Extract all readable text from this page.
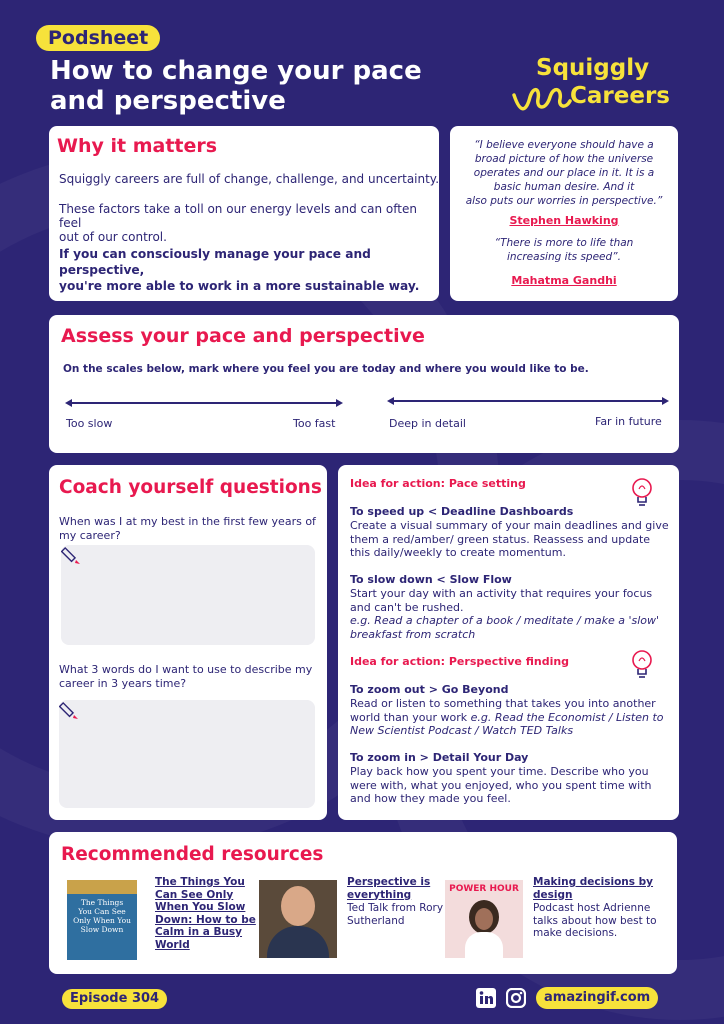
Podsheet
How to change your pace
and perspective
Squiggly
Careers
Why it matters
Squiggly careers are full of change, challenge, and uncertainty.
These factors take a toll on our energy levels and can often feel
out of our control.
If you can consciously manage your pace and perspective,
you're more able to work in a more sustainable way.
“I believe everyone should have a
broad picture of how the universe
operates and our place in it. It is a
basic human desire. And it
also puts our worries in perspective.”
Stephen Hawking
“There is more to life than
increasing its speed”.
Mahatma Gandhi
Assess your pace and perspective
On the scales below, mark where you feel you are today and where you would like to be.
Too slow	Too fast	Deep in detail	Far in future
Coach yourself questions
When was I at my best in the first few years of
my career?
What 3 words do I want to use to describe my
career in 3 years time?
Idea for action: Pace setting
To speed up < Deadline Dashboards
Create a visual summary of your main deadlines and give
them a red/amber/ green status. Reassess and update
this daily/weekly to create momentum.
To slow down < Slow Flow
Start your day with an activity that requires your focus
and can't be rushed.
e.g. Read a chapter of a book / meditate / make a 'slow'
breakfast from scratch
Idea for action: Perspective finding
To zoom out > Go Beyond
Read or listen to something that takes you into another
world than your work e.g. Read the Economist / Listen to
New Scientist Podcast / Watch TED Talks
To zoom in > Detail Your Day
Play back how you spent your time. Describe who you
were with, what you enjoyed, who you spent time with
and how they made you feel.
Recommended resources
The Things
You Can See
Only When You
Slow Down
The Things You
Can See Only
When You Slow
Down: How to be
Calm in a Busy
World
Perspective is
everything
Ted Talk from Rory
Sutherland
POWER HOUR
Making decisions by
design
Podcast host Adrienne
talks about how best to
make decisions.
Episode 304	amazingif.com
